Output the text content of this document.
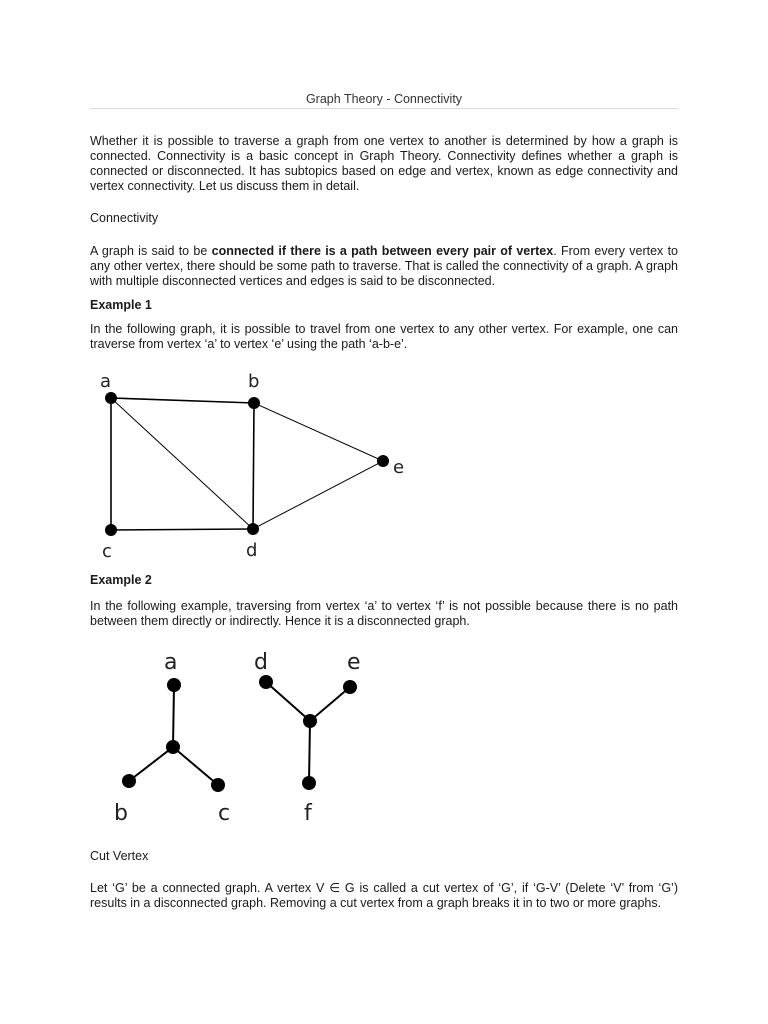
Graph Theory - Connectivity

Whether it is possible to traverse a graph from one vertex to another is determined by how a graph is connected. Connectivity is a basic concept in Graph Theory. Connectivity defines whether a graph is connected or disconnected. It has subtopics based on edge and vertex, known as edge connectivity and vertex connectivity. Let us discuss them in detail.

Connectivity

A graph is said to be connected if there is a path between every pair of vertex. From every vertex to any other vertex, there should be some path to traverse. That is called the connectivity of a graph. A graph with multiple disconnected vertices and edges is said to be disconnected.

Example 1

In the following graph, it is possible to travel from one vertex to any other vertex. For example, one can traverse from vertex ‘a’ to vertex ‘e’ using the path ‘a-b-e’.

a	b
c	d
e

Example 2

In the following example, traversing from vertex ‘a’ to vertex ‘f’ is not possible because there is no path between them directly or indirectly. Hence it is a disconnected graph.

a	d	e
b	c	f

Cut Vertex

Let ‘G’ be a connected graph. A vertex V ∈ G is called a cut vertex of ‘G’, if ‘G-V’ (Delete ‘V’ from ‘G’) results in a disconnected graph. Removing a cut vertex from a graph breaks it in to two or more graphs.
